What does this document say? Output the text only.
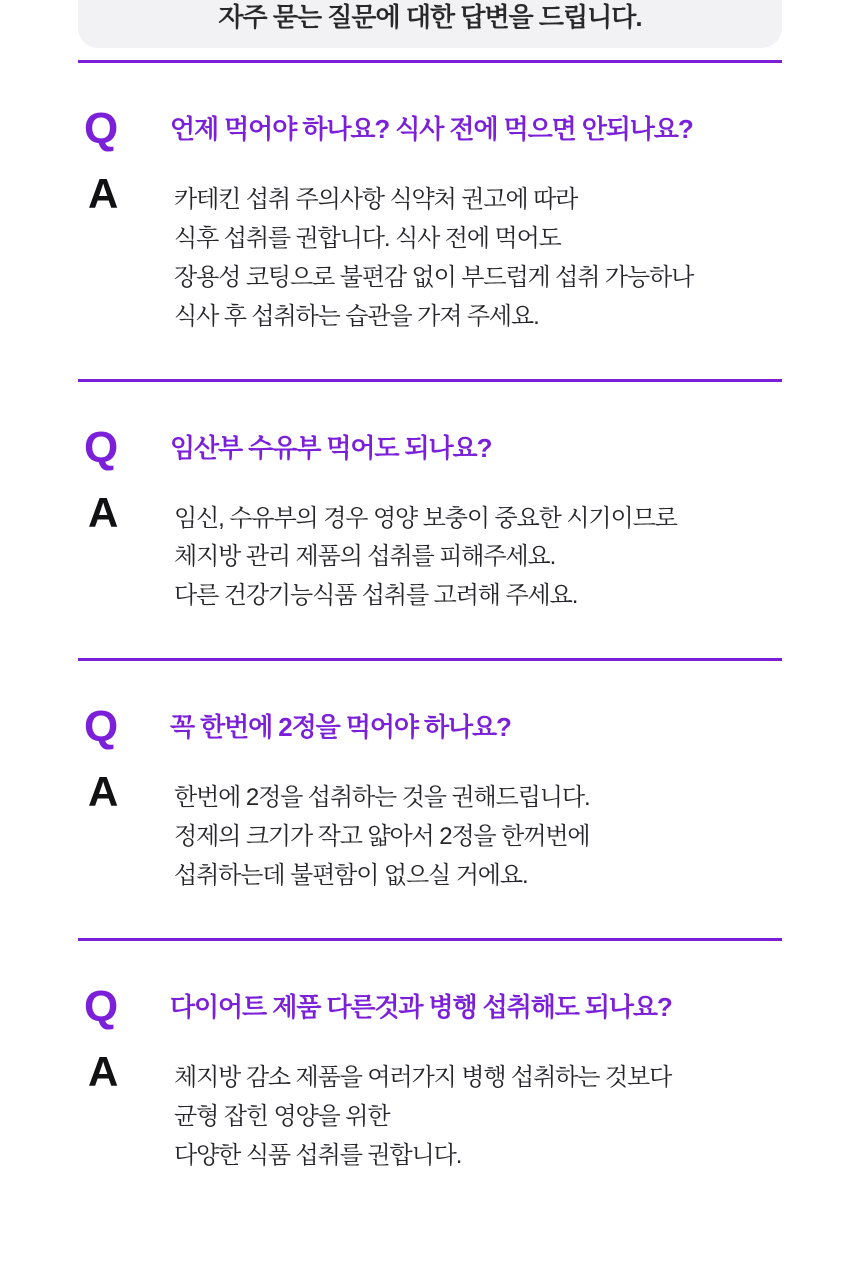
자주 묻는 질문에 대한 답변을 드립니다.
Q	언제 먹어야 하나요? 식사 전에 먹으면 안되나요?
A	카테킨 섭취 주의사항 식약처 권고에 따라
식후 섭취를 권합니다. 식사 전에 먹어도
장용성 코팅으로 불편감 없이 부드럽게 섭취 가능하나
식사 후 섭취하는 습관을 가져 주세요.
Q	임산부 수유부 먹어도 되나요?
A	임신, 수유부의 경우 영양 보충이 중요한 시기이므로
체지방 관리 제품의 섭취를 피해주세요.
다른 건강기능식품 섭취를 고려해 주세요.
Q	꼭 한번에 2정을 먹어야 하나요?
A	한번에 2정을 섭취하는 것을 권해드립니다.
정제의 크기가 작고 얇아서 2정을 한꺼번에
섭취하는데 불편함이 없으실 거에요.
Q	다이어트 제품 다른것과 병행 섭취해도 되나요?
A	체지방 감소 제품을 여러가지 병행 섭취하는 것보다
균형 잡힌 영양을 위한
다양한 식품 섭취를 권합니다.
